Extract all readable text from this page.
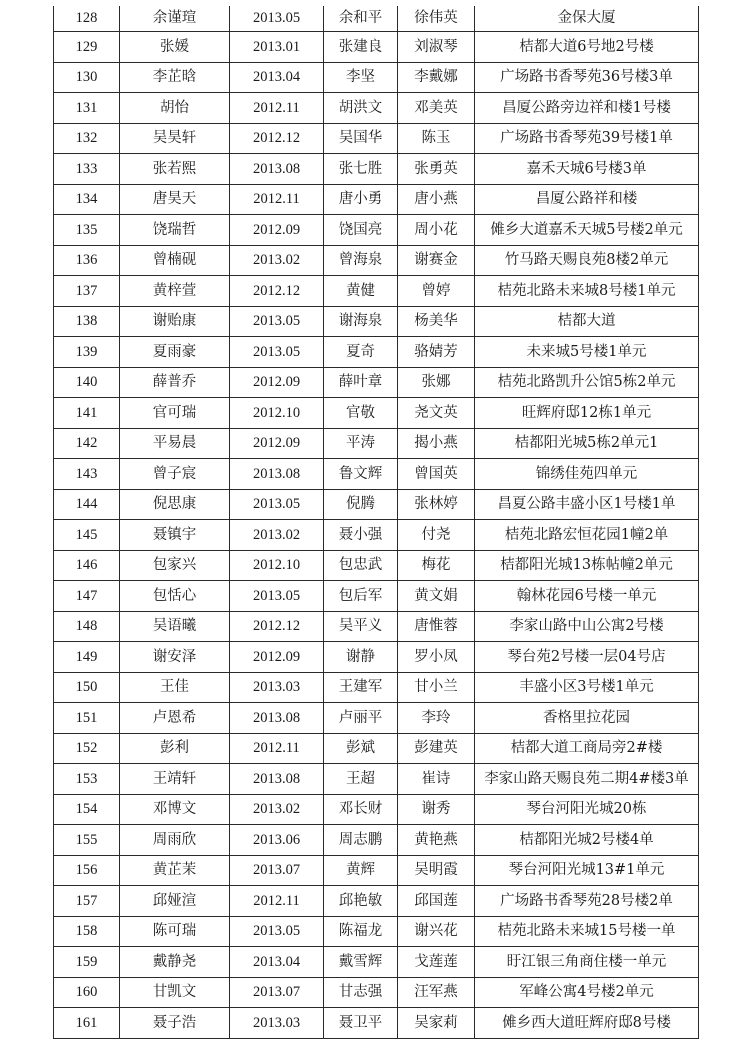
128	余谨瑄	2013.05	余和平	徐伟英	金保大厦
129	张媛	2013.01	张建良	刘淑琴	桔都大道6号地2号楼
130	李芷晗	2013.04	李坚	李戴娜	广场路书香琴苑36号楼3单
131	胡怡	2012.11	胡洪文	邓美英	昌厦公路旁边祥和楼1号楼
132	吴昊轩	2012.12	吴国华	陈玉	广场路书香琴苑39号楼1单
133	张若熙	2013.08	张七胜	张勇英	嘉禾天城6号楼3单
134	唐昊天	2012.11	唐小勇	唐小燕	昌厦公路祥和楼
135	饶瑞哲	2012.09	饶国亮	周小花	傩乡大道嘉禾天城5号楼2单元
136	曾楠砚	2013.02	曾海泉	谢赛金	竹马路天赐良苑8楼2单元
137	黄梓萱	2012.12	黄健	曾婷	桔苑北路未来城8号楼1单元
138	谢贻康	2013.05	谢海泉	杨美华	桔都大道
139	夏雨豪	2013.05	夏奇	骆婧芳	未来城5号楼1单元
140	薛普乔	2012.09	薛叶章	张娜	桔苑北路凯升公馆5栋2单元
141	官可瑞	2012.10	官敬	尧文英	旺辉府邸12栋1单元
142	平易晨	2012.09	平涛	揭小燕	桔都阳光城5栋2单元1
143	曾子宸	2013.08	鲁文辉	曾国英	锦绣佳苑四单元
144	倪思康	2013.05	倪腾	张林婷	昌夏公路丰盛小区1号楼1单
145	聂镇宇	2013.02	聂小强	付尧	桔苑北路宏恒花园1幢2单
146	包家兴	2012.10	包忠武	梅花	桔都阳光城13栋帖幢2单元
147	包恬心	2013.05	包后军	黄文娟	翰林花园6号楼一单元
148	吴语曦	2012.12	吴平义	唐惟蓉	李家山路中山公寓2号楼
149	谢安泽	2012.09	谢静	罗小凤	琴台苑2号楼一层04号店
150	王佳	2013.03	王建军	甘小兰	丰盛小区3号楼1单元
151	卢恩希	2013.08	卢丽平	李玲	香格里拉花园
152	彭利	2012.11	彭斌	彭建英	桔都大道工商局旁2#楼
153	王靖轩	2013.08	王超	崔诗	李家山路天赐良苑二期4#楼3单
154	邓博文	2013.02	邓长财	谢秀	琴台河阳光城20栋
155	周雨欣	2013.06	周志鹏	黄艳燕	桔都阳光城2号楼4单
156	黄芷茉	2013.07	黄辉	吴明霞	琴台河阳光城13#1单元
157	邱娅渲	2012.11	邱艳敏	邱国莲	广场路书香琴苑28号楼2单
158	陈可瑞	2013.05	陈福龙	谢兴花	桔苑北路未来城15号楼一单
159	戴静尧	2013.04	戴雪辉	戈莲莲	盱江银三角商住楼一单元
160	甘凯文	2013.07	甘志强	汪军燕	军峰公寓4号楼2单元
161	聂子浩	2013.03	聂卫平	吴家莉	傩乡西大道旺辉府邸8号楼
